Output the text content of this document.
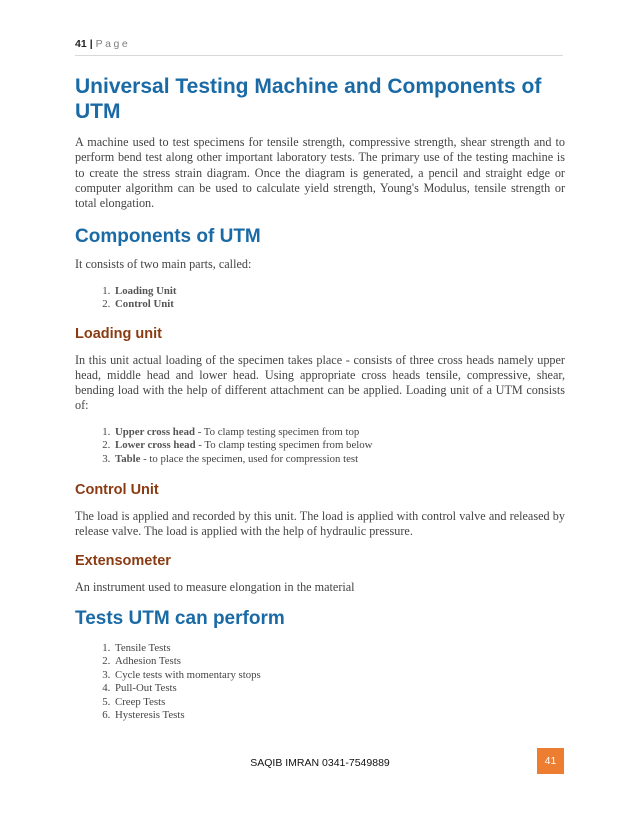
41 | Page
Universal Testing Machine and Components of UTM

A machine used to test specimens for tensile strength, compressive strength, shear strength and to perform bend test along other important laboratory tests. The primary use of the testing machine is to create the stress strain diagram. Once the diagram is generated, a pencil and straight edge or computer algorithm can be used to calculate yield strength, Young's Modulus, tensile strength or total elongation.

Components of UTM

It consists of two main parts, called:

1. Loading Unit
2. Control Unit
Loading unit

In this unit actual loading of the specimen takes place - consists of three cross heads namely upper head, middle head and lower head. Using appropriate cross heads tensile, compressive, shear, bending load with the help of different attachment can be applied. Loading unit of a UTM consists of:

1. Upper cross head - To clamp testing specimen from top
2. Lower cross head - To clamp testing specimen from below
3. Table - to place the specimen, used for compression test
Control Unit

The load is applied and recorded by this unit. The load is applied with control valve and released by release valve. The load is applied with the help of hydraulic pressure.

Extensometer

An instrument used to measure elongation in the material

Tests UTM can perform
1. Tensile Tests
2. Adhesion Tests
3. Cycle tests with momentary stops
4. Pull-Out Tests
5. Creep Tests
6. Hysteresis Tests
SAQIB IMRAN 0341-7549889	41
